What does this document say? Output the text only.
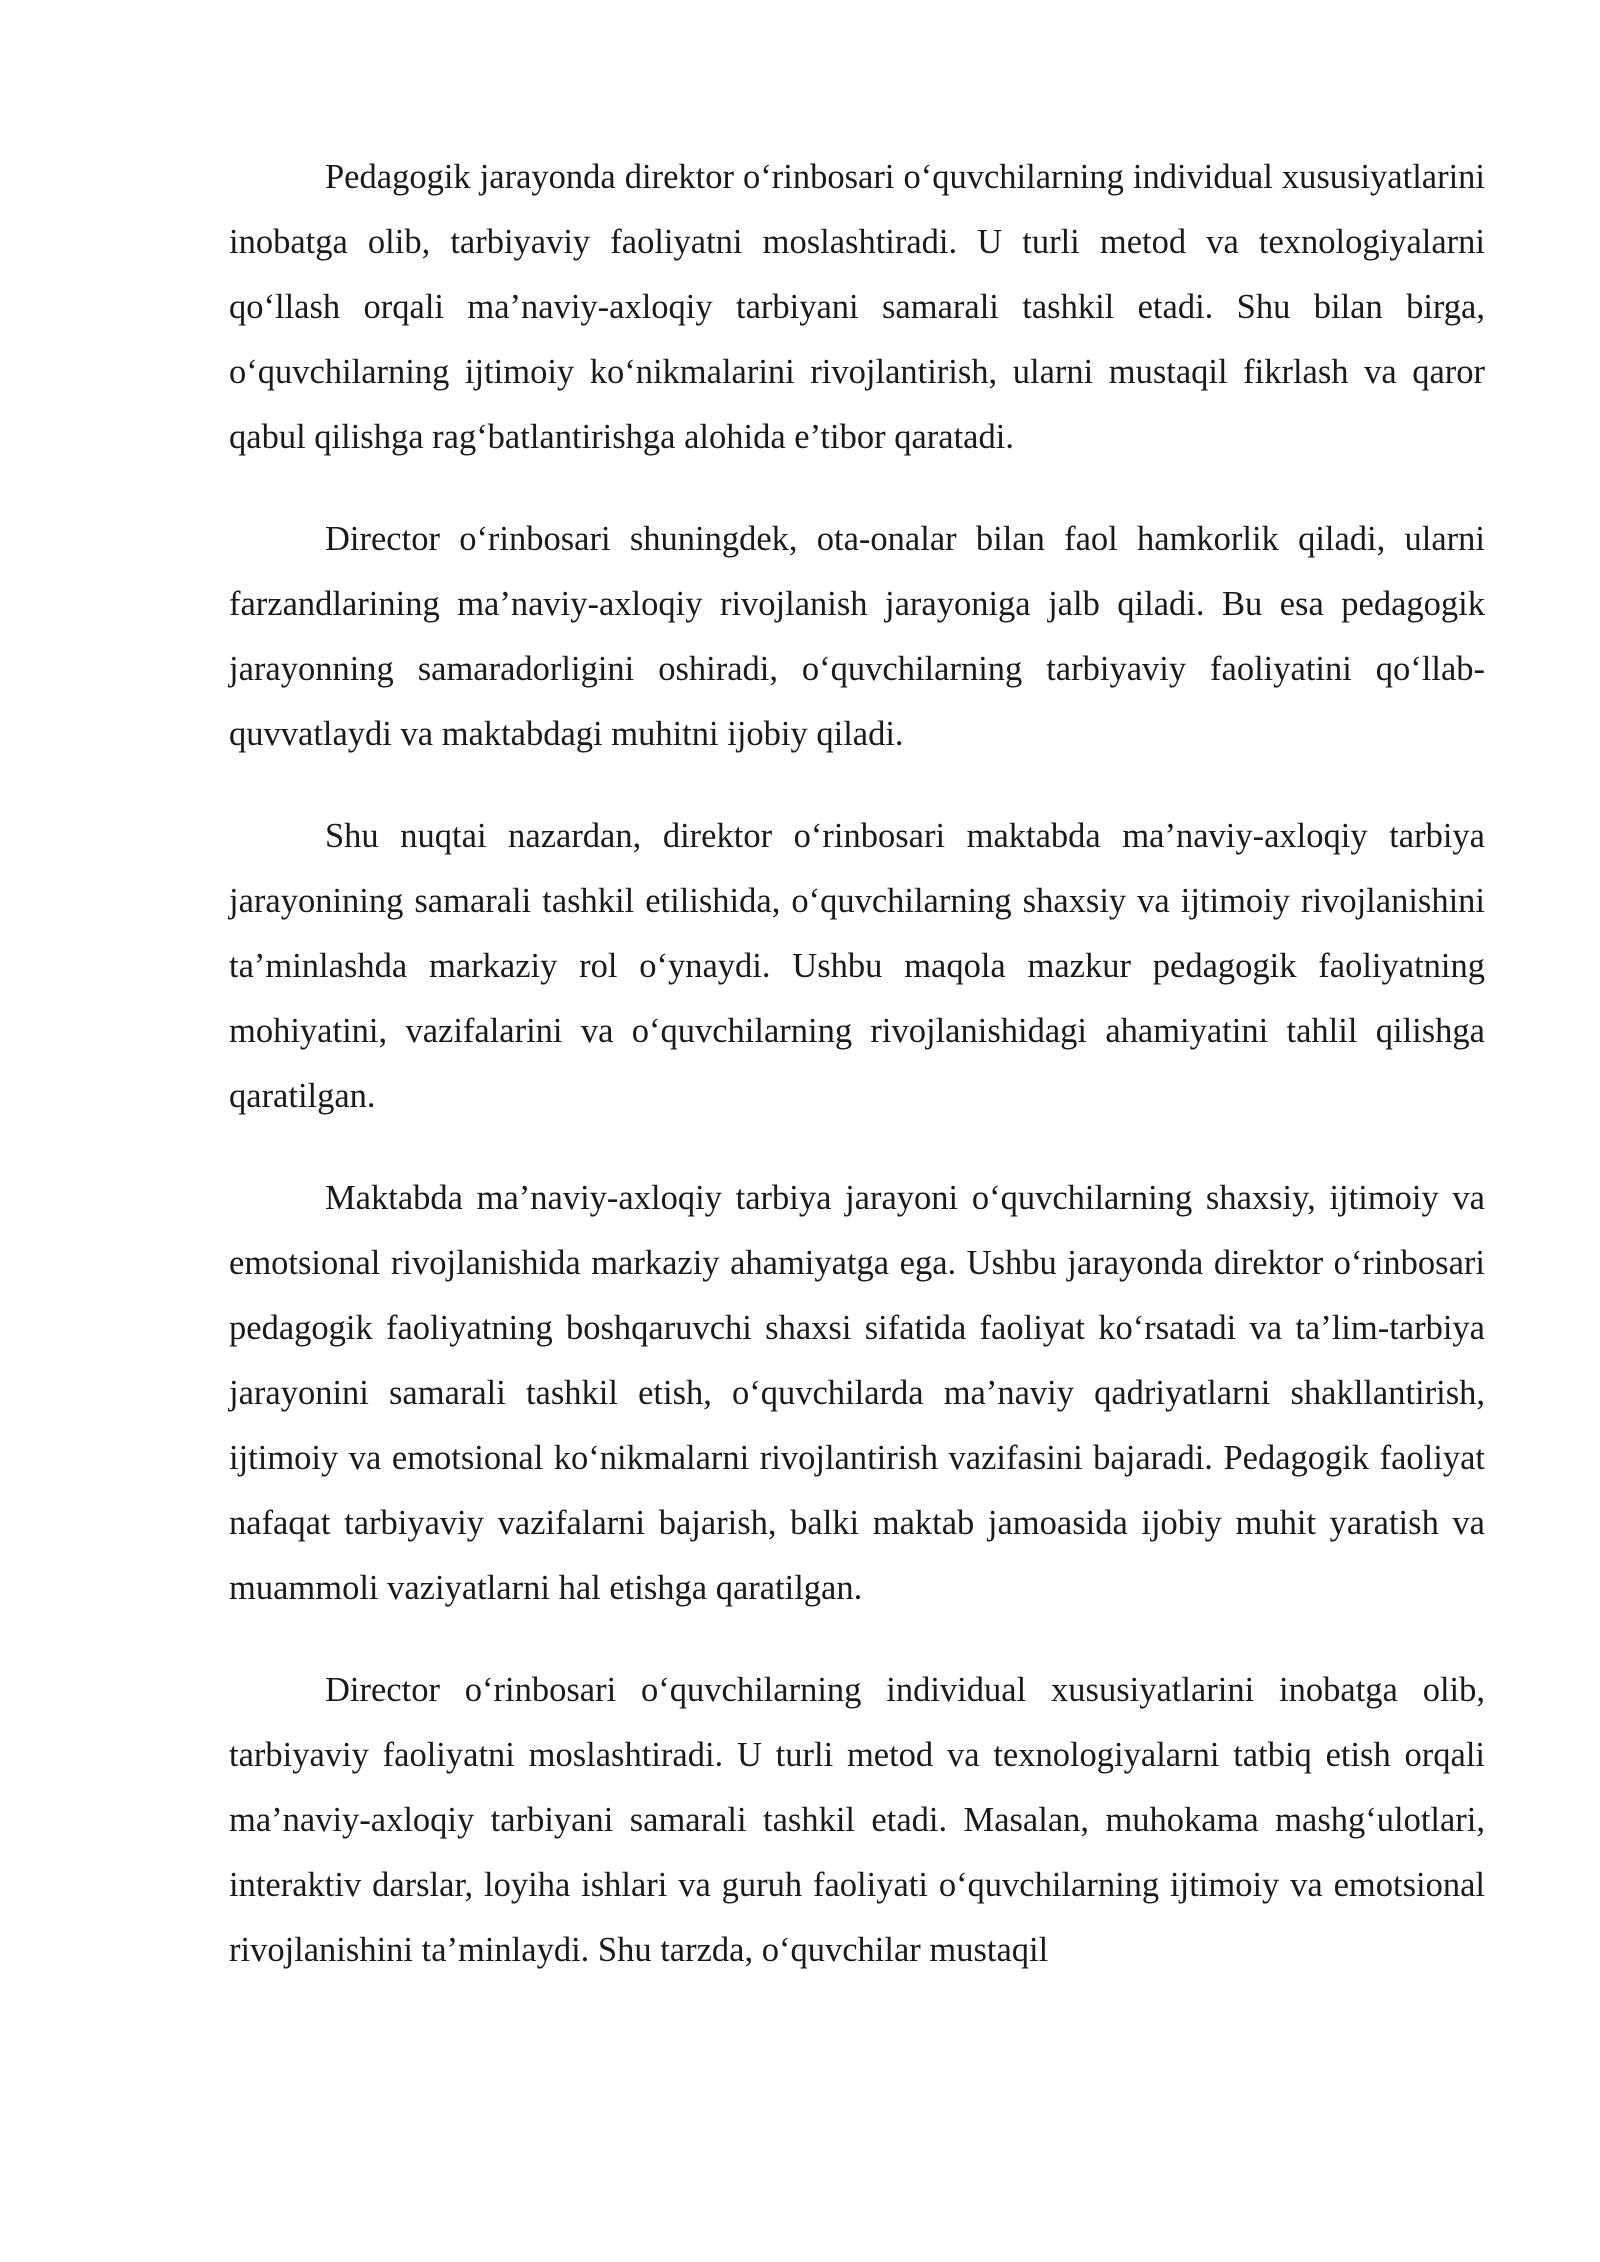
Pedagogik jarayonda direktor o‘rinbosari o‘quvchilarning individual xususiyatlarini inobatga olib, tarbiyaviy faoliyatni moslashtiradi. U turli metod va texnologiyalarni qo‘llash orqali ma’naviy-axloqiy tarbiyani samarali tashkil etadi. Shu bilan birga, o‘quvchilarning ijtimoiy ko‘nikmalarini rivojlantirish, ularni mustaqil fikrlash va qaror qabul qilishga rag‘batlantirishga alohida e’tibor qaratadi.

Director o‘rinbosari shuningdek, ota-onalar bilan faol hamkorlik qiladi, ularni farzandlarining ma’naviy-axloqiy rivojlanish jarayoniga jalb qiladi. Bu esa pedagogik jarayonning samaradorligini oshiradi, o‘quvchilarning tarbiyaviy faoliyatini qo‘llab-quvvatlaydi va maktabdagi muhitni ijobiy qiladi.

Shu nuqtai nazardan, direktor o‘rinbosari maktabda ma’naviy-axloqiy tarbiya jarayonining samarali tashkil etilishida, o‘quvchilarning shaxsiy va ijtimoiy rivojlanishini ta’minlashda markaziy rol o‘ynaydi. Ushbu maqola mazkur pedagogik faoliyatning mohiyatini, vazifalarini va o‘quvchilarning rivojlanishidagi ahamiyatini tahlil qilishga qaratilgan.

Maktabda ma’naviy-axloqiy tarbiya jarayoni o‘quvchilarning shaxsiy, ijtimoiy va emotsional rivojlanishida markaziy ahamiyatga ega. Ushbu jarayonda direktor o‘rinbosari pedagogik faoliyatning boshqaruvchi shaxsi sifatida faoliyat ko‘rsatadi va ta’lim-tarbiya jarayonini samarali tashkil etish, o‘quvchilarda ma’naviy qadriyatlarni shakllantirish, ijtimoiy va emotsional ko‘nikmalarni rivojlantirish vazifasini bajaradi. Pedagogik faoliyat nafaqat tarbiyaviy vazifalarni bajarish, balki maktab jamoasida ijobiy muhit yaratish va muammoli vaziyatlarni hal etishga qaratilgan.

Director o‘rinbosari o‘quvchilarning individual xususiyatlarini inobatga olib, tarbiyaviy faoliyatni moslashtiradi. U turli metod va texnologiyalarni tatbiq etish orqali ma’naviy-axloqiy tarbiyani samarali tashkil etadi. Masalan, muhokama mashg‘ulotlari, interaktiv darslar, loyiha ishlari va guruh faoliyati o‘quvchilarning ijtimoiy va emotsional rivojlanishini ta’minlaydi. Shu tarzda, o‘quvchilar mustaqil
